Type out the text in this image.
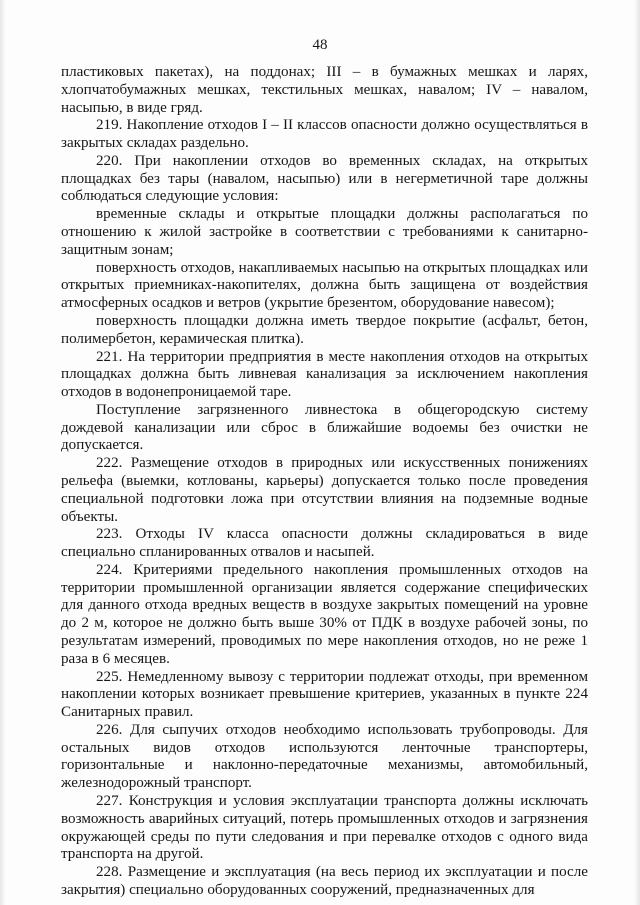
48

пластиковых пакетах), на поддонах; III – в бумажных мешках и ларях, хлопчатобумажных мешках, текстильных мешках, навалом; IV – навалом, насыпью, в виде гряд.

219. Накопление отходов I – II классов опасности должно осуществляться в закрытых складах раздельно.

220. При накоплении отходов во временных складах, на открытых площадках без тары (навалом, насыпью) или в негерметичной таре должны соблюдаться следующие условия:

временные склады и открытые площадки должны располагаться по отношению к жилой застройке в соответствии с требованиями к санитарно-защитным зонам;

поверхность отходов, накапливаемых насыпью на открытых площадках или открытых приемниках-накопителях, должна быть защищена от воздействия атмосферных осадков и ветров (укрытие брезентом, оборудование навесом);

поверхность площадки должна иметь твердое покрытие (асфальт, бетон, полимербетон, керамическая плитка).

221. На территории предприятия в месте накопления отходов на открытых площадках должна быть ливневая канализация за исключением накопления отходов в водонепроницаемой таре.

Поступление загрязненного ливнестока в общегородскую систему дождевой канализации или сброс в ближайшие водоемы без очистки не допускается.

222. Размещение отходов в природных или искусственных понижениях рельефа (выемки, котлованы, карьеры) допускается только после проведения специальной подготовки ложа при отсутствии влияния на подземные водные объекты.

223. Отходы IV класса опасности должны складироваться в виде специально спланированных отвалов и насыпей.

224. Критериями предельного накопления промышленных отходов на территории промышленной организации является содержание специфических для данного отхода вредных веществ в воздухе закрытых помещений на уровне до 2 м, которое не должно быть выше 30% от ПДК в воздухе рабочей зоны, по результатам измерений, проводимых по мере накопления отходов, но не реже 1 раза в 6 месяцев.

225. Немедленному вывозу с территории подлежат отходы, при временном накоплении которых возникает превышение критериев, указанных в пункте 224 Санитарных правил.

226. Для сыпучих отходов необходимо использовать трубопроводы. Для остальных видов отходов используются ленточные транспортеры, горизонтальные и наклонно-передаточные механизмы, автомобильный, железнодорожный транспорт.

227. Конструкция и условия эксплуатации транспорта должны исключать возможность аварийных ситуаций, потерь промышленных отходов и загрязнения окружающей среды по пути следования и при перевалке отходов с одного вида транспорта на другой.

228. Размещение и эксплуатация (на весь период их эксплуатации и после закрытия) специально оборудованных сооружений, предназначенных для
